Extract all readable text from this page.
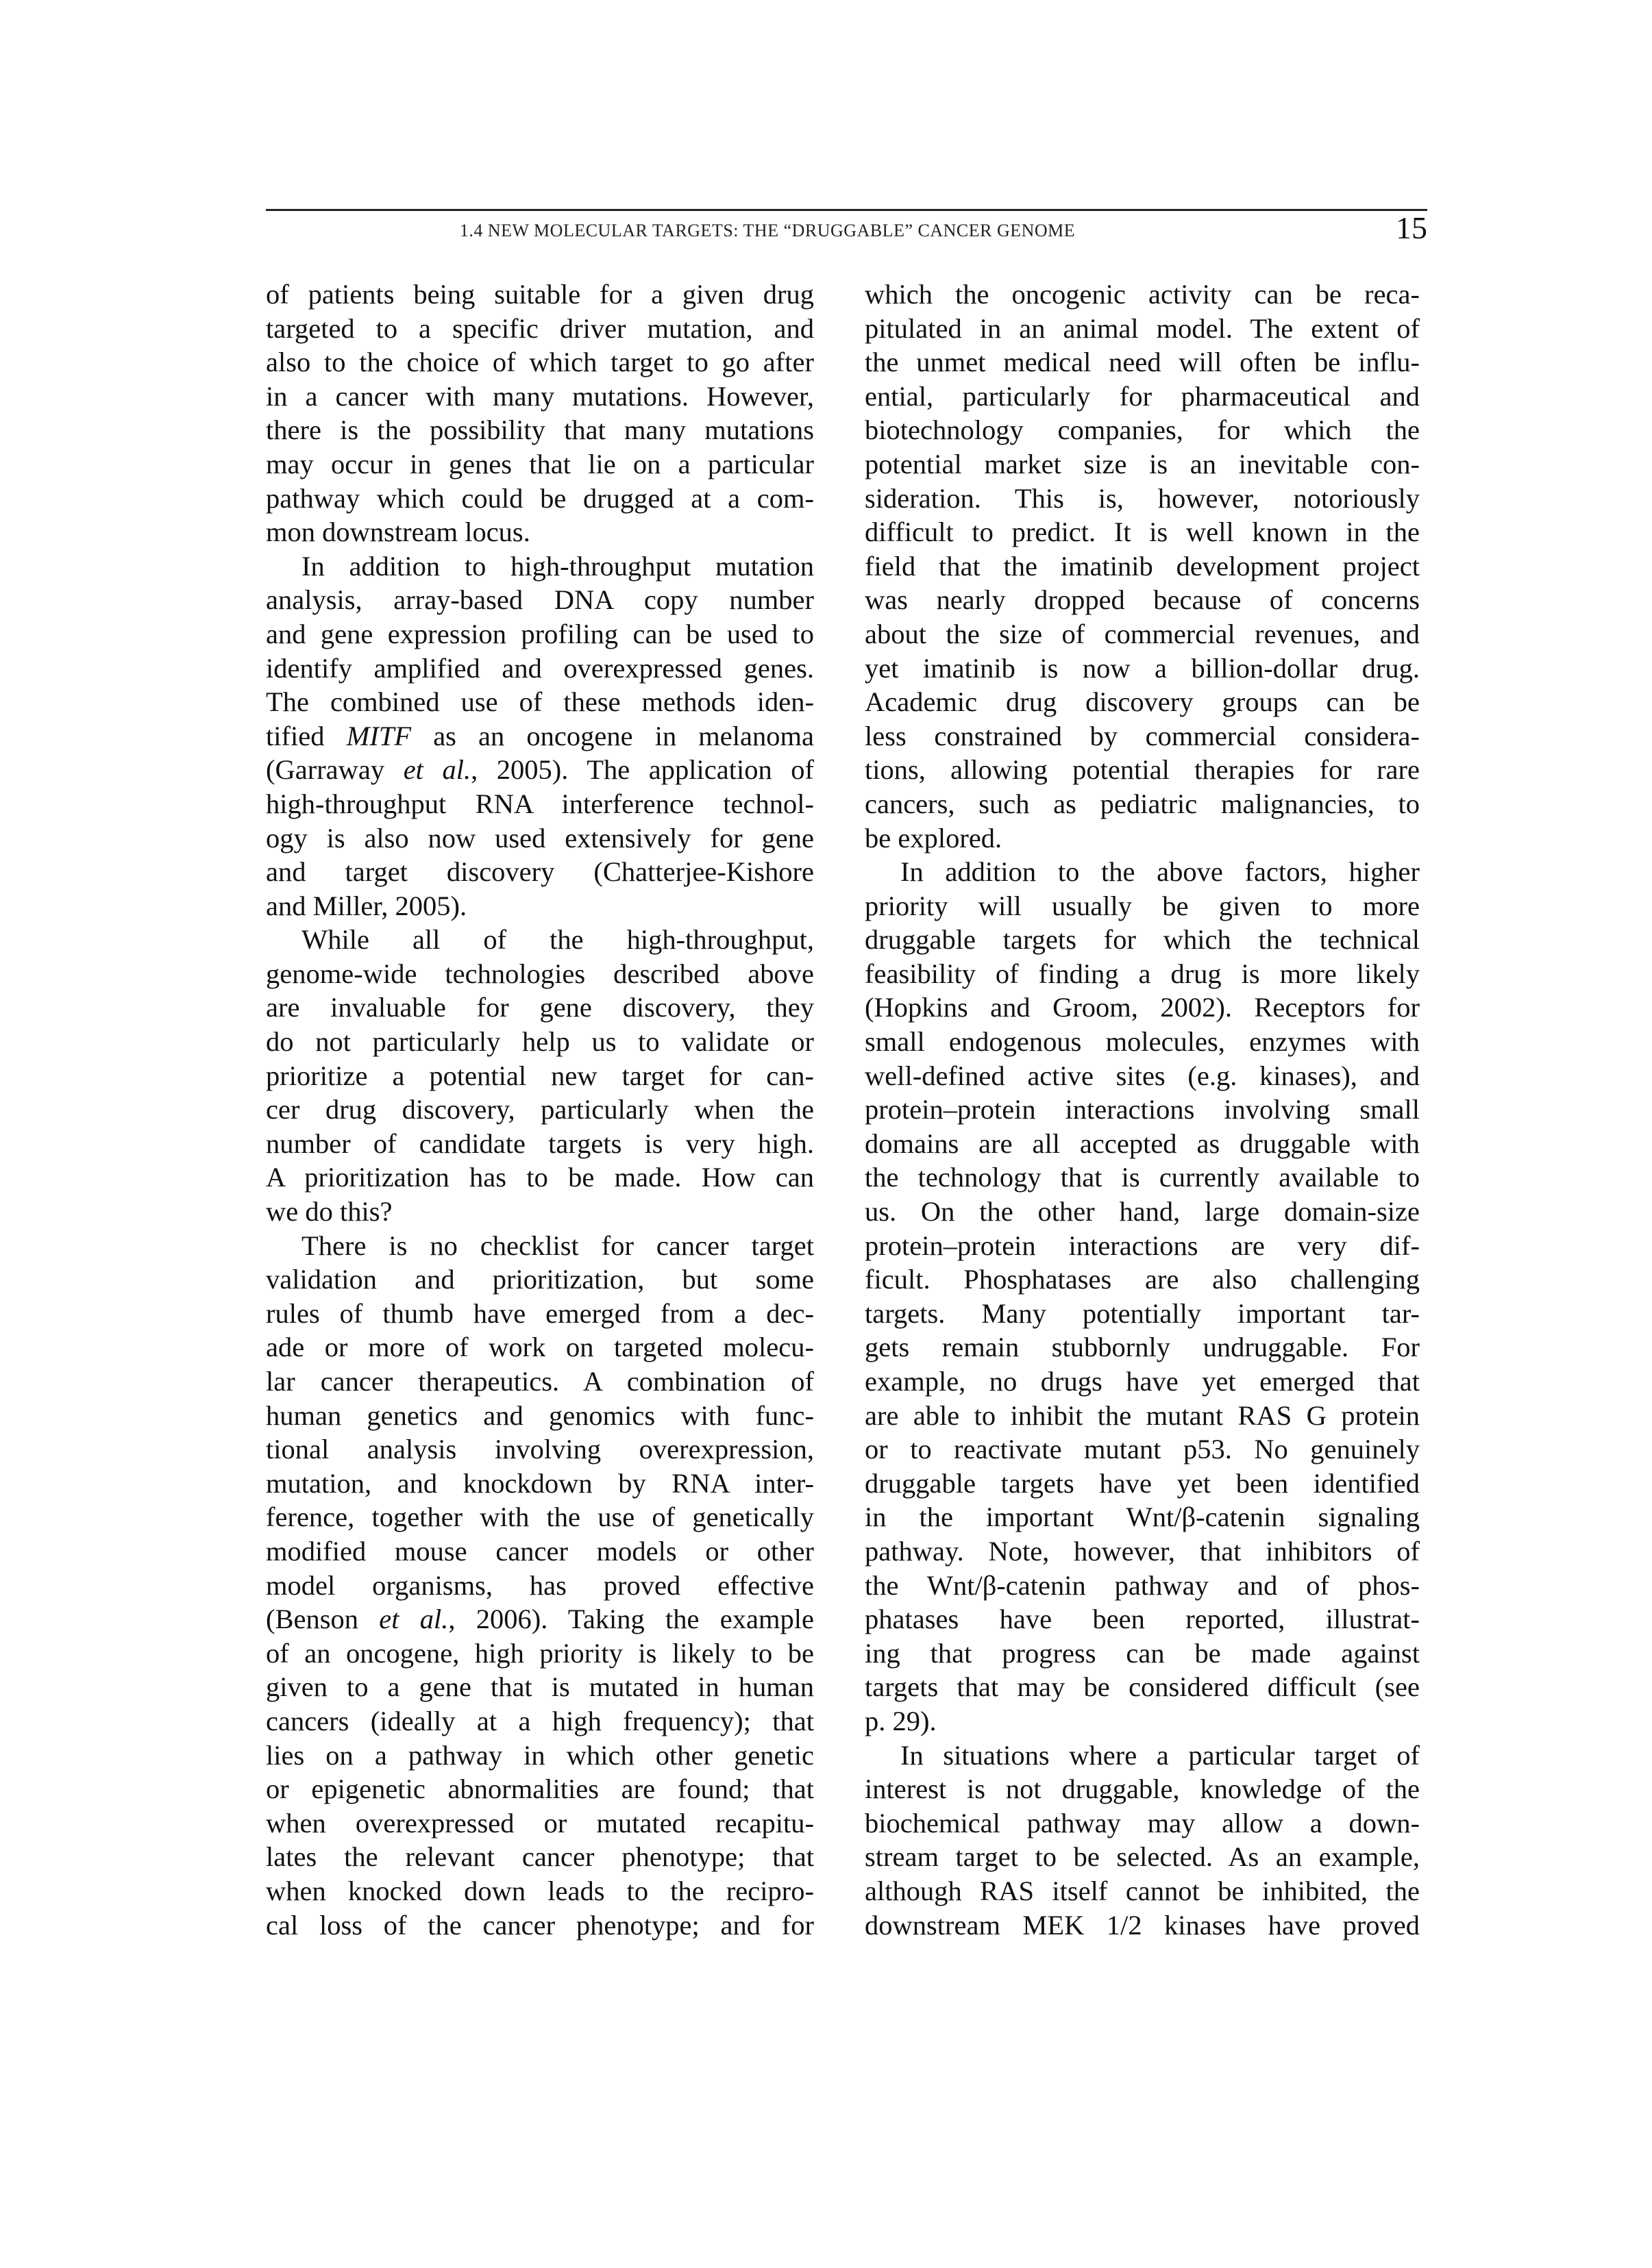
1.4 NEW MOLECULAR TARGETS: THE “DRUGGABLE” CANCER GENOME	15
of patients being suitable for a given drug
targeted to a specific driver mutation, and
also to the choice of which target to go after
in a cancer with many mutations. However,
there is the possibility that many mutations
may occur in genes that lie on a particular
pathway which could be drugged at a com-
mon downstream locus.
In addition to high-throughput mutation
analysis, array-based DNA copy number
and gene expression profiling can be used to
identify amplified and overexpressed genes.
The combined use of these methods iden-
tified MITF as an oncogene in melanoma
(Garraway et al., 2005). The application of
high-throughput RNA interference technol-
ogy is also now used extensively for gene
and target discovery (Chatterjee-Kishore
and Miller, 2005).
While all of the high-throughput,
genome-wide technologies described above
are invaluable for gene discovery, they
do not particularly help us to validate or
prioritize a potential new target for can-
cer drug discovery, particularly when the
number of candidate targets is very high.
A prioritization has to be made. How can
we do this?
There is no checklist for cancer target
validation and prioritization, but some
rules of thumb have emerged from a dec-
ade or more of work on targeted molecu-
lar cancer therapeutics. A combination of
human genetics and genomics with func-
tional analysis involving overexpression,
mutation, and knockdown by RNA inter-
ference, together with the use of genetically
modified mouse cancer models or other
model organisms, has proved effective
(Benson et al., 2006). Taking the example
of an oncogene, high priority is likely to be
given to a gene that is mutated in human
cancers (ideally at a high frequency); that
lies on a pathway in which other genetic
or epigenetic abnormalities are found; that
when overexpressed or mutated recapitu-
lates the relevant cancer phenotype; that
when knocked down leads to the recipro-
cal loss of the cancer phenotype; and for
which the oncogenic activity can be reca-
pitulated in an animal model. The extent of
the unmet medical need will often be influ-
ential, particularly for pharmaceutical and
biotechnology companies, for which the
potential market size is an inevitable con-
sideration. This is, however, notoriously
difficult to predict. It is well known in the
field that the imatinib development project
was nearly dropped because of concerns
about the size of commercial revenues, and
yet imatinib is now a billion-dollar drug.
Academic drug discovery groups can be
less constrained by commercial considera-
tions, allowing potential therapies for rare
cancers, such as pediatric malignancies, to
be explored.
In addition to the above factors, higher
priority will usually be given to more
druggable targets for which the technical
feasibility of finding a drug is more likely
(Hopkins and Groom, 2002). Receptors for
small endogenous molecules, enzymes with
well-defined active sites (e.g. kinases), and
protein–protein interactions involving small
domains are all accepted as druggable with
the technology that is currently available to
us. On the other hand, large domain-size
protein–protein interactions are very dif-
ficult. Phosphatases are also challenging
targets. Many potentially important tar-
gets remain stubbornly undruggable. For
example, no drugs have yet emerged that
are able to inhibit the mutant RAS G protein
or to reactivate mutant p53. No genuinely
druggable targets have yet been identified
in the important Wnt/β-catenin signaling
pathway. Note, however, that inhibitors of
the Wnt/β-catenin pathway and of phos-
phatases have been reported, illustrat-
ing that progress can be made against
targets that may be considered difficult (see
p. 29).
In situations where a particular target of
interest is not druggable, knowledge of the
biochemical pathway may allow a down-
stream target to be selected. As an example,
although RAS itself cannot be inhibited, the
downstream MEK 1/2 kinases have proved
